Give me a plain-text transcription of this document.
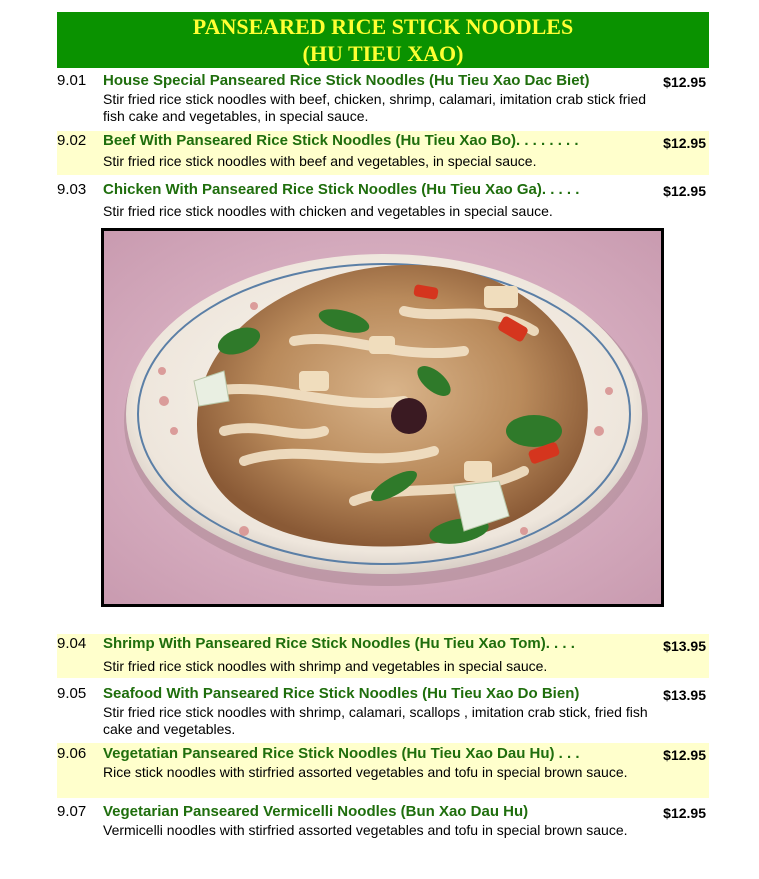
PANSEARED RICE STICK NOODLES
(HU TIEU XAO)
9.01 House Special Panseared Rice Stick Noodles (Hu Tieu Xao Dac Biet)	$12.95
Stir fried rice stick noodles with beef, chicken, shrimp, calamari, imitation crab stick fried fish cake and vegetables, in special sauce.
9.02 Beef With Panseared Rice Stick Noodles (Hu Tieu Xao Bo). . . . . . . .	$12.95
Stir fried rice stick noodles with beef and vegetables, in special sauce.
9.03 Chicken With Panseared Rice Stick Noodles (Hu Tieu Xao Ga). . . . .	$12.95
Stir fried rice stick noodles with chicken and vegetables in special sauce.
9.04 Shrimp With Panseared Rice Stick Noodles (Hu Tieu Xao Tom). . . .	$13.95
Stir fried rice stick noodles with shrimp and vegetables in special sauce.
9.05 Seafood With Panseared Rice Stick Noodles (Hu Tieu Xao Do Bien)	$13.95
Stir fried rice stick noodles with shrimp, calamari, scallops , imitation crab stick, fried fish cake and vegetables.
9.06 Vegetatian Panseared Rice Stick Noodles (Hu Tieu Xao Dau Hu) . . .	$12.95
Rice stick noodles with stirfried assorted vegetables and tofu in special brown sauce.
9.07 Vegetarian Panseared Vermicelli Noodles (Bun Xao Dau Hu)	$12.95
Vermicelli noodles with stirfried assorted vegetables and tofu in special brown sauce.
